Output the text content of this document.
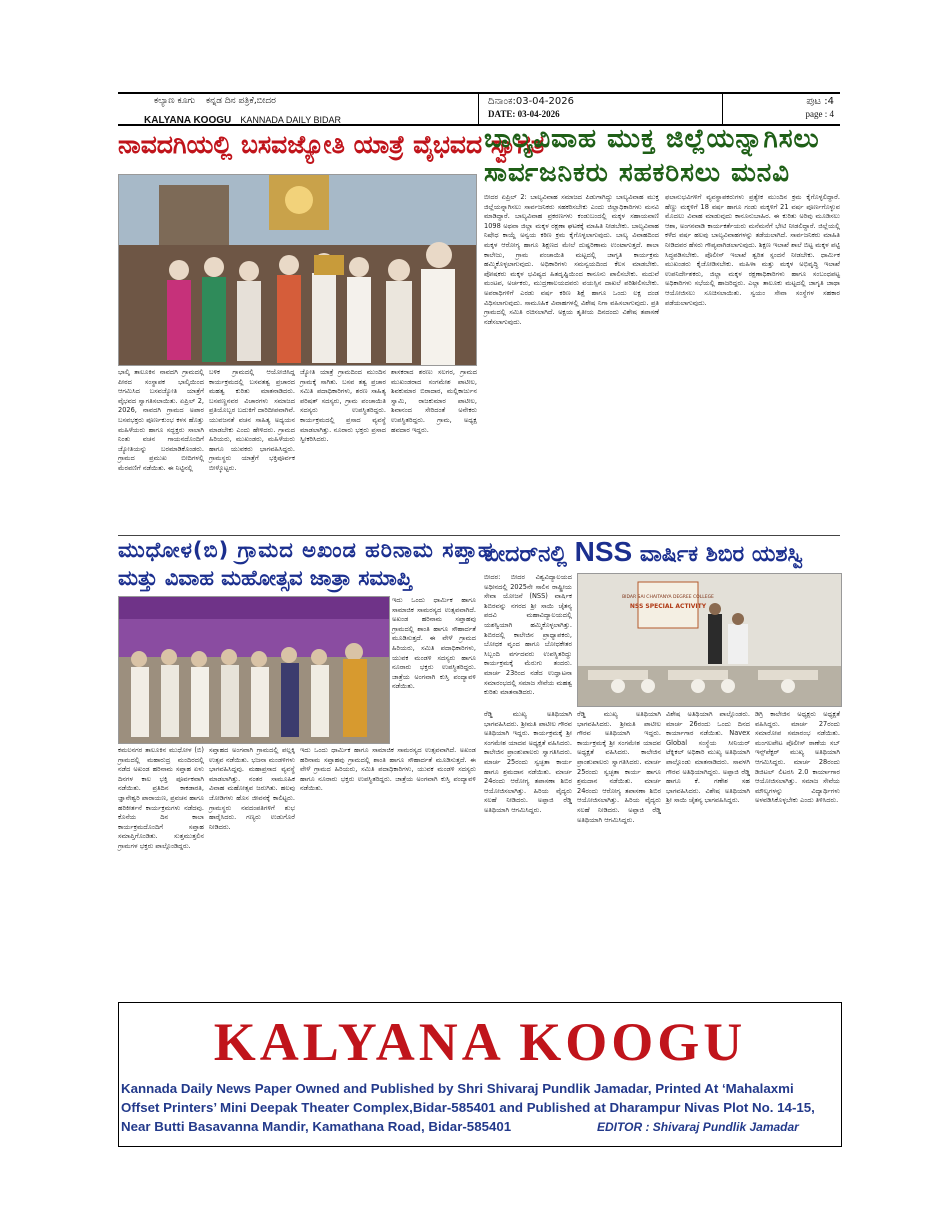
ಕಲ್ಯಾಣ ಕೂಗು ಕನ್ನಡ ದಿನ ಪತ್ರಿಕೆ,ಬೀದರ
KALYANA KOOGU KANNADA DAILY BIDAR
ದಿನಾಂಕ:03-04-2026
DATE: 03-04-2026
ಪುಟ :4
page : 4
ನಾವದಗಿಯಲ್ಲಿ ಬಸವಜ್ಯೋತಿ ಯಾತ್ರೆ ವೈಭವದ ಸ್ವಾಗತ
ಬಾಲ್ಯವಿವಾಹ ಮುಕ್ತ ಜಿಲ್ಲೆಯನ್ನಾಗಿಸಲು
ಸಾರ್ವಜನಿಕರು ಸಹಕರಿಸಲು ಮನವಿ
ಭಾಲ್ಕಿ ತಾಲೂಕಿನ ನಾವದಗಿ ಗ್ರಾಮದಲ್ಲಿ ಪೀಠದ ಸಂಸ್ಥಾಪಕ ಭಾಲ್ಕಿಯಿಂದ ಆಗಮಿಸಿದ ಬಸವಜ್ಯೋತಿ ಯಾತ್ರೆಗೆ ವೈಭವದ ಸ್ವಾಗತಿಸಲಾಯಿತು. ಏಪ್ರಿಲ್ 2, 2026, ನಾವದಗಿ ಗ್ರಾಮದ ಅಪಾರ ಬಸವಭಕ್ತರು ಪೂರ್ಣಕುಂಭ ಕಳಸ ಹೊತ್ತು ಮಹಿಳೆಯರು ಹಾಗೂ ಸದ್ಭಕ್ತರು ಸಾಲಾಗಿ ನಿಂತು ವಚನ ಗಾಯನದೊಂದಿಗೆ ಜ್ಯೋತಿಯನ್ನು ಬರಮಾಡಿಕೊಂಡರು. ಗ್ರಾಮದ ಪ್ರಮುಖ ಬೀದಿಗಳಲ್ಲಿ ಮೆರವಣಿಗೆ ನಡೆಯಿತು. ಈ ನಿಟ್ಟಿನಲ್ಲಿ
ಬಳಿಕ ಗ್ರಾಮದಲ್ಲಿ ಆಯೋಜಿಸಿದ್ದ ಕಾರ್ಯಕ್ರಮದಲ್ಲಿ ಬಸವತತ್ವ ಪ್ರಚಾರದ ಮಹತ್ವ ಕುರಿತು ಮಾತನಾಡಿದರು. ಬಸವಣ್ಣನವರ ವಿಚಾರಗಳು ಸಮಾಜದ ಪ್ರತಿಯೊಬ್ಬರ ಬದುಕಿಗೆ ದಾರಿದೀಪವಾಗಿವೆ. ಯುವಜನತೆ ವಚನ ಸಾಹಿತ್ಯ ಅಧ್ಯಯನ ಮಾಡಬೇಕು ಎಂದು ಹೇಳಿದರು. ಗ್ರಾಮದ ಹಿರಿಯರು, ಮುಖಂಡರು, ಮಹಿಳೆಯರು ಹಾಗೂ ಯುವಕರು ಭಾಗವಹಿಸಿದ್ದರು. ಗ್ರಾಮಸ್ಥರು ಯಾತ್ರೆಗೆ ಭಕ್ತಿಪೂರ್ವಕ ಬೀಳ್ಕೊಟ್ಟರು.
ಜ್ಯೋತಿ ಯಾತ್ರೆ ಗ್ರಾಮದಿಂದ ಮುಂದಿನ ಗ್ರಾಮಕ್ಕೆ ಸಾಗಿತು. ಬಸವ ತತ್ವ ಪ್ರಚಾರ ಸಮಿತಿ ಪದಾಧಿಕಾರಿಗಳು, ಶರಣ ಸಾಹಿತ್ಯ ಪರಿಷತ್ ಸದಸ್ಯರು, ಗ್ರಾಮ ಪಂಚಾಯಿತಿ ಸದಸ್ಯರು ಉಪಸ್ಥಿತರಿದ್ದರು. ಕಾರ್ಯಕ್ರಮದಲ್ಲಿ ಪ್ರಸಾದ ವ್ಯವಸ್ಥೆ ಮಾಡಲಾಗಿತ್ತು. ನೂರಾರು ಭಕ್ತರು ಪ್ರಸಾದ ಸ್ವೀಕರಿಸಿದರು.
ಶಾಸಕರಾದ ಶರಣು ಸಲಗರ, ಗ್ರಾಮದ ಮುಖಂಡರಾದ ಸಂಗಮೇಶ ಪಾಟೀಲ, ಶಿವಕುಮಾರ ಬಿರಾದಾರ, ಮಲ್ಲಿಕಾರ್ಜುನ ಸ್ವಾಮಿ, ರಾಜಕುಮಾರ ಪಾಟೀಲ, ಶಿವಾನಂದ ಸೇರಿದಂತೆ ಅನೇಕರು ಉಪಸ್ಥಿತರಿದ್ದರು. ಗ್ರಾಮ, ಅಧ್ಯಕ್ಷ ಹವದಾರ ಇದ್ದರು.
ಬೀದರ ಏಪ್ರಿಲ್ 2: ಬಾಲ್ಯವಿವಾಹ ಸಮಾಜದ ಪಿಡುಗಾಗಿದ್ದು ಬಾಲ್ಯವಿವಾಹ ಮುಕ್ತ ಜಿಲ್ಲೆಯನ್ನಾಗಿಸಲು ಸಾರ್ವಜನಿಕರು ಸಹಕರಿಸಬೇಕು ಎಂದು ಜಿಲ್ಲಾಧಿಕಾರಿಗಳು ಮನವಿ ಮಾಡಿದ್ದಾರೆ. ಬಾಲ್ಯವಿವಾಹ ಪ್ರಕರಣಗಳು ಕಂಡುಬಂದಲ್ಲಿ ಮಕ್ಕಳ ಸಹಾಯವಾಣಿ 1098 ಅಥವಾ ಜಿಲ್ಲಾ ಮಕ್ಕಳ ರಕ್ಷಣಾ ಘಟಕಕ್ಕೆ ಮಾಹಿತಿ ನೀಡಬೇಕು. ಬಾಲ್ಯವಿವಾಹ ನಿಷೇಧ ಕಾಯ್ದೆ ಅನ್ವಯ ಕಠಿಣ ಕ್ರಮ ಕೈಗೊಳ್ಳಲಾಗುವುದು. ಬಾಲ್ಯ ವಿವಾಹದಿಂದ ಮಕ್ಕಳ ಆರೋಗ್ಯ ಹಾಗೂ ಶಿಕ್ಷಣದ ಮೇಲೆ ದುಷ್ಪರಿಣಾಮ ಉಂಟಾಗುತ್ತದೆ. ಶಾಲಾ ಕಾಲೇಜು, ಗ್ರಾಮ ಪಂಚಾಯಿತಿ ಮಟ್ಟದಲ್ಲಿ ಜಾಗೃತಿ ಕಾರ್ಯಕ್ರಮ ಹಮ್ಮಿಕೊಳ್ಳಲಾಗುವುದು. ಅಧಿಕಾರಿಗಳು ಸಮನ್ವಯದಿಂದ ಕೆಲಸ ಮಾಡಬೇಕು. ಪೋಷಕರು ಮಕ್ಕಳ ಭವಿಷ್ಯದ ಹಿತದೃಷ್ಟಿಯಿಂದ ಕಾನೂನು ಪಾಲಿಸಬೇಕು. ಮದುವೆ ಮಂಟಪ, ಅರ್ಚಕರು, ಮುದ್ರಣಾಲಯದವರು ವಯಸ್ಸಿನ ದಾಖಲೆ ಪರಿಶೀಲಿಸಬೇಕು. ಅಪರಾಧಿಗಳಿಗೆ ಎರಡು ವರ್ಷ ಕಠಿಣ ಶಿಕ್ಷೆ ಹಾಗೂ ಒಂದು ಲಕ್ಷ ದಂಡ ವಿಧಿಸಲಾಗುವುದು. ಸಾಮೂಹಿಕ ವಿವಾಹಗಳಲ್ಲಿ ವಿಶೇಷ ನಿಗಾ ವಹಿಸಲಾಗುವುದು. ಪ್ರತಿ ಗ್ರಾಮದಲ್ಲಿ ಸಮಿತಿ ರಚಿಸಲಾಗಿದೆ. ಅಕ್ಷಯ ತೃತೀಯ ದಿನದಂದು ವಿಶೇಷ ತಪಾಸಣೆ ನಡೆಸಲಾಗುವುದು.
ಫಲಾನುಭವಿಗಳಿಗೆ ವ್ಯವಸ್ಥಾಪಕರುಗಳು ಪ್ರತ್ಯೇಕ ಮುಂದಿನ ಕ್ರಮ ಕೈಗೊಳ್ಳಲಿದ್ದಾರೆ. ಹೆಣ್ಣು ಮಕ್ಕಳಿಗೆ 18 ವರ್ಷ ಹಾಗೂ ಗಂಡು ಮಕ್ಕಳಿಗೆ 21 ವರ್ಷ ಪೂರ್ಣಗೊಳ್ಳುವ ಮೊದಲು ವಿವಾಹ ಮಾಡುವುದು ಕಾನೂನುಬಾಹಿರ. ಈ ಕುರಿತು ಅರಿವು ಮೂಡಿಸಲು ಆಶಾ, ಅಂಗನವಾಡಿ ಕಾರ್ಯಕರ್ತೆಯರು ಮನೆಮನೆಗೆ ಭೇಟಿ ನೀಡಲಿದ್ದಾರೆ. ಜಿಲ್ಲೆಯಲ್ಲಿ ಕಳೆದ ವರ್ಷ ಹಲವು ಬಾಲ್ಯವಿವಾಹಗಳನ್ನು ತಡೆಯಲಾಗಿದೆ. ಸಾರ್ವಜನಿಕರು ಮಾಹಿತಿ ನೀಡಿದವರ ಹೆಸರು ಗೌಪ್ಯವಾಗಿಡಲಾಗುವುದು. ಶಿಕ್ಷಣ ಇಲಾಖೆ ಶಾಲೆ ಬಿಟ್ಟ ಮಕ್ಕಳ ಪಟ್ಟಿ ಸಿದ್ಧಪಡಿಸಬೇಕು. ಪೊಲೀಸ್ ಇಲಾಖೆ ತ್ವರಿತ ಸ್ಪಂದನೆ ನೀಡಬೇಕು. ಧಾರ್ಮಿಕ ಮುಖಂಡರು ಕೈಜೋಡಿಸಬೇಕು. ಮಹಿಳಾ ಮತ್ತು ಮಕ್ಕಳ ಅಭಿವೃದ್ಧಿ ಇಲಾಖೆ ಉಪನಿರ್ದೇಶಕರು, ಜಿಲ್ಲಾ ಮಕ್ಕಳ ರಕ್ಷಣಾಧಿಕಾರಿಗಳು ಹಾಗೂ ಸಂಬಂಧಪಟ್ಟ ಅಧಿಕಾರಿಗಳು ಸಭೆಯಲ್ಲಿ ಹಾಜರಿದ್ದರು. ಎಲ್ಲಾ ತಾಲೂಕು ಮಟ್ಟದಲ್ಲಿ ಜಾಗೃತಿ ಜಾಥಾ ಆಯೋಜಿಸಲು ಸೂಚಿಸಲಾಯಿತು. ಸ್ವಯಂ ಸೇವಾ ಸಂಸ್ಥೆಗಳ ಸಹಕಾರ ಪಡೆಯಲಾಗುವುದು.
ಮುಧೋಳ(ಬಿ) ಗ್ರಾಮದ ಅಖಂಡ ಹರಿನಾಮ ಸಪ್ತಾಹ
ಮತ್ತು ವಿವಾಹ ಮಹೋತ್ಸವ ಜಾತ್ರಾ ಸಮಾಪ್ತಿ
ಬೀದರ್‌ನಲ್ಲಿ NSS ವಾರ್ಷಿಕ ಶಿಬಿರ ಯಶಸ್ವಿ
ಇದು ಒಂದು ಧಾರ್ಮಿಕ ಹಾಗೂ ಸಾಮಾಜಿಕ ಸಾಮರಸ್ಯದ ಉತ್ಸವವಾಗಿದೆ. ಅಖಂಡ ಹರಿನಾಮ ಸಪ್ತಾಹವು ಗ್ರಾಮದಲ್ಲಿ ಶಾಂತಿ ಹಾಗೂ ಸೌಹಾರ್ದತೆ ಮೂಡಿಸುತ್ತದೆ. ಈ ವೇಳೆ ಗ್ರಾಮದ ಹಿರಿಯರು, ಸಮಿತಿ ಪದಾಧಿಕಾರಿಗಳು, ಯುವಕ ಮಂಡಳಿ ಸದಸ್ಯರು ಹಾಗೂ ನೂರಾರು ಭಕ್ತರು ಉಪಸ್ಥಿತರಿದ್ದರು. ಜಾತ್ರೆಯ ಅಂಗವಾಗಿ ಕುಸ್ತಿ ಪಂದ್ಯಾವಳಿ ನಡೆಯಿತು.
ಕಮಲನಗರ ತಾಲೂಕಿನ ಮುಧೋಳ (ಬಿ) ಗ್ರಾಮದಲ್ಲಿ ಮಹಾರುದ್ರ ಮಂದಿರದಲ್ಲಿ ನಡೆದ ಅಖಂಡ ಹರಿನಾಮ ಸಪ್ತಾಹ ಏಳು ದಿನಗಳ ಕಾಲ ಭಕ್ತಿ ಪೂರ್ವಕವಾಗಿ ನಡೆಯಿತು. ಪ್ರತಿದಿನ ಕಾಕಡಾರತಿ, ಜ್ಞಾನೇಶ್ವರಿ ಪಾರಾಯಣ, ಪ್ರವಚನ ಹಾಗೂ ಹರಿಕೀರ್ತನೆ ಕಾರ್ಯಕ್ರಮಗಳು ನಡೆದವು. ಕೊನೆಯ ದಿನ ಕಾಲಾ ಕಾರ್ಯಕ್ರಮದೊಂದಿಗೆ ಸಪ್ತಾಹ ಸಮಾಪ್ತಿಗೊಂಡಿತು. ಸುತ್ತಮುತ್ತಲಿನ ಗ್ರಾಮಗಳ ಭಕ್ತರು ಪಾಲ್ಗೊಂಡಿದ್ದರು.
ಸಪ್ತಾಹದ ಅಂಗವಾಗಿ ಗ್ರಾಮದಲ್ಲಿ ಪಲ್ಲಕ್ಕಿ ಉತ್ಸವ ನಡೆಯಿತು. ಭಜನಾ ಮಂಡಳಿಗಳು ಭಾಗವಹಿಸಿದ್ದವು. ಮಹಾಪ್ರಸಾದ ವ್ಯವಸ್ಥೆ ಮಾಡಲಾಗಿತ್ತು. ನಂತರ ಸಾಮೂಹಿಕ ವಿವಾಹ ಮಹೋತ್ಸವ ಜರುಗಿತು. ಹಲವು ಜೋಡಿಗಳು ಹೊಸ ಜೀವನಕ್ಕೆ ಕಾಲಿಟ್ಟರು. ಗ್ರಾಮಸ್ಥರು ನವದಂಪತಿಗಳಿಗೆ ಶುಭ ಹಾರೈಸಿದರು. ಗಣ್ಯರು ಉಡುಗೊರೆ ನೀಡಿದರು.
ಇದು ಒಂದು ಧಾರ್ಮಿಕ ಹಾಗೂ ಸಾಮಾಜಿಕ ಸಾಮರಸ್ಯದ ಉತ್ಸವವಾಗಿದೆ. ಅಖಂಡ ಹರಿನಾಮ ಸಪ್ತಾಹವು ಗ್ರಾಮದಲ್ಲಿ ಶಾಂತಿ ಹಾಗೂ ಸೌಹಾರ್ದತೆ ಮೂಡಿಸುತ್ತದೆ. ಈ ವೇಳೆ ಗ್ರಾಮದ ಹಿರಿಯರು, ಸಮಿತಿ ಪದಾಧಿಕಾರಿಗಳು, ಯುವಕ ಮಂಡಳಿ ಸದಸ್ಯರು ಹಾಗೂ ನೂರಾರು ಭಕ್ತರು ಉಪಸ್ಥಿತರಿದ್ದರು. ಜಾತ್ರೆಯ ಅಂಗವಾಗಿ ಕುಸ್ತಿ ಪಂದ್ಯಾವಳಿ ನಡೆಯಿತು.
BIDAR SAI CHAITANYA DEGREE COLLEGE
NSS SPECIAL ACTIVITY
ಬೀದರ: ಬೀದರ ವಿಶ್ವವಿದ್ಯಾಲಯದ ಅಧೀನದಲ್ಲಿ 2025ನೇ ಸಾಲಿನ ರಾಷ್ಟ್ರೀಯ ಸೇವಾ ಯೋಜನೆ (NSS) ವಾರ್ಷಿಕ ಶಿಬಿರವನ್ನು ನಗರದ ಶ್ರೀ ಸಾಯಿ ಚೈತನ್ಯ ಪದವಿ ಮಹಾವಿದ್ಯಾಲಯದಲ್ಲಿ ಯಶಸ್ವಿಯಾಗಿ ಹಮ್ಮಿಕೊಳ್ಳಲಾಗಿತ್ತು. ಶಿಬಿರದಲ್ಲಿ ಕಾಲೇಜಿನ ಪ್ರಾಧ್ಯಾಪಕರು, ಬೋಧಕ ವೃಂದ ಹಾಗೂ ಬೋಧಕೇತರ ಸಿಬ್ಬಂದಿ ವರ್ಗದವರು ಉಪಸ್ಥಿತರಿದ್ದು ಕಾರ್ಯಕ್ರಮಕ್ಕೆ ಮೆರುಗು ತಂದರು. ಮಾರ್ಚ 23ರಿಂದ ನಡೆದ ಉದ್ಘಾಟನಾ ಸಮಾರಂಭದಲ್ಲಿ ಸಮಾಜ ಸೇವೆಯ ಮಹತ್ವ ಕುರಿತು ಮಾತನಾಡಿದರು.
ರೆಡ್ಡಿ ಮುಖ್ಯ ಅತಿಥಿಯಾಗಿ ಭಾಗವಹಿಸಿದರು. ಶ್ರೀಮತಿ ಪಾಟೀಲ ಗೌರವ ಅತಿಥಿಯಾಗಿ ಇದ್ದರು. ಕಾರ್ಯಕ್ರಮಕ್ಕೆ ಶ್ರೀ ಸಂಗಮೇಶ ಯಾದವ ಅಧ್ಯಕ್ಷತೆ ವಹಿಸಿದರು. ಕಾಲೇಜಿನ ಪ್ರಾಂಶುಪಾಲರು ಸ್ವಾಗತಿಸಿದರು. ಮಾರ್ಚ 25ರಂದು ಸ್ವಚ್ಛತಾ ಕಾರ್ಯ ಹಾಗೂ ಶ್ರಮದಾನ ನಡೆಯಿತು. ಮಾರ್ಚ 24ರಂದು ಆರೋಗ್ಯ ತಪಾಸಣಾ ಶಿಬಿರ ಆಯೋಜಿಸಲಾಗಿತ್ತು. ಹಿರಿಯ ವೈದ್ಯರು ಸಲಹೆ ನೀಡಿದರು. ಅಪ್ಪಾಜಿ ರೆಡ್ಡಿ ಅತಿಥಿಯಾಗಿ ಆಗಮಿಸಿದ್ದರು.
ವಿಶೇಷ ಅತಿಥಿಯಾಗಿ ಪಾಲ್ಗೊಂಡರು. ಮಾರ್ಚ 26ರಂದು ಒಂದು ದಿನದ ಕಾರ್ಯಾಗಾರ ನಡೆಯಿತು. Navex Global ಸಂಸ್ಥೆಯ ಸೀನಿಯರ್ ಟೆಕ್ನಿಕಲ್ ಅಧಿಕಾರಿ ಮುಖ್ಯ ಅತಿಥಿಯಾಗಿ ಪಾಲ್ಗೊಂಡು ಮಾತನಾಡಿದರು. ಸಾವಳಗಿ ಗೌರವ ಅತಿಥಿಯಾಗಿದ್ದರು. ಅಪ್ಪಾಜಿ ರೆಡ್ಡಿ ಹಾಗೂ ಕೆ. ಗಣೇಶ ಸಹ ಭಾಗವಹಿಸಿದರು. ವಿಶೇಷ ಅತಿಥಿಯಾಗಿ ಶ್ರೀ ಸಾಯಿ ಚೈತನ್ಯ ಭಾಗವಹಿಸಿದ್ದರು.
ಡಿಗ್ರಿ ಕಾಲೇಜಿನ ಅಧ್ಯಕ್ಷರು ಅಧ್ಯಕ್ಷತೆ ವಹಿಸಿದ್ದರು. ಮಾರ್ಚ 27ರಂದು ಸಮಾರೋಪ ಸಮಾರಂಭ ನಡೆಯಿತು. ಮಂಗಲಪೇಟ ಪೊಲೀಸ್ ಠಾಣೆಯ ಸಬ್ ಇನ್ಸ್‌ಪೆಕ್ಟರ್ ಮುಖ್ಯ ಅತಿಥಿಯಾಗಿ ಆಗಮಿಸಿದ್ದರು. ಮಾರ್ಚ 28ರಂದು ಡಿಜಿಟಲ್ ಲಿಟರಸಿ 2.0 ಕಾರ್ಯಾಗಾರ ಆಯೋಜಿಸಲಾಗಿತ್ತು. ಸಮಾಜ ಸೇವೆಯ ಮೌಲ್ಯಗಳನ್ನು ವಿದ್ಯಾರ್ಥಿಗಳು ಅಳವಡಿಸಿಕೊಳ್ಳಬೇಕು ಎಂದು ತಿಳಿಸಿದರು.
ರೆಡ್ಡಿ ಮುಖ್ಯ ಅತಿಥಿಯಾಗಿ ಭಾಗವಹಿಸಿದರು. ಶ್ರೀಮತಿ ಪಾಟೀಲ ಗೌರವ ಅತಿಥಿಯಾಗಿ ಇದ್ದರು. ಕಾರ್ಯಕ್ರಮಕ್ಕೆ ಶ್ರೀ ಸಂಗಮೇಶ ಯಾದವ ಅಧ್ಯಕ್ಷತೆ ವಹಿಸಿದರು. ಕಾಲೇಜಿನ ಪ್ರಾಂಶುಪಾಲರು ಸ್ವಾಗತಿಸಿದರು. ಮಾರ್ಚ 25ರಂದು ಸ್ವಚ್ಛತಾ ಕಾರ್ಯ ಹಾಗೂ ಶ್ರಮದಾನ ನಡೆಯಿತು. ಮಾರ್ಚ 24ರಂದು ಆರೋಗ್ಯ ತಪಾಸಣಾ ಶಿಬಿರ ಆಯೋಜಿಸಲಾಗಿತ್ತು. ಹಿರಿಯ ವೈದ್ಯರು ಸಲಹೆ ನೀಡಿದರು. ಅಪ್ಪಾಜಿ ರೆಡ್ಡಿ ಅತಿಥಿಯಾಗಿ ಆಗಮಿಸಿದ್ದರು.
KALYANA KOOGU
Kannada Daily News Paper Owned and Published by Shri Shivaraj Pundlik Jamadar, Printed At ‘Mahalaxmi
Offset Printers’ Mini Deepak Theater Complex,Bidar-585401 and Published at Dharampur Nivas Plot No. 14-15,
Near Butti Basavanna Mandir, Kamathana Road, Bidar-585401	EDITOR : Shivaraj Pundlik Jamadar
